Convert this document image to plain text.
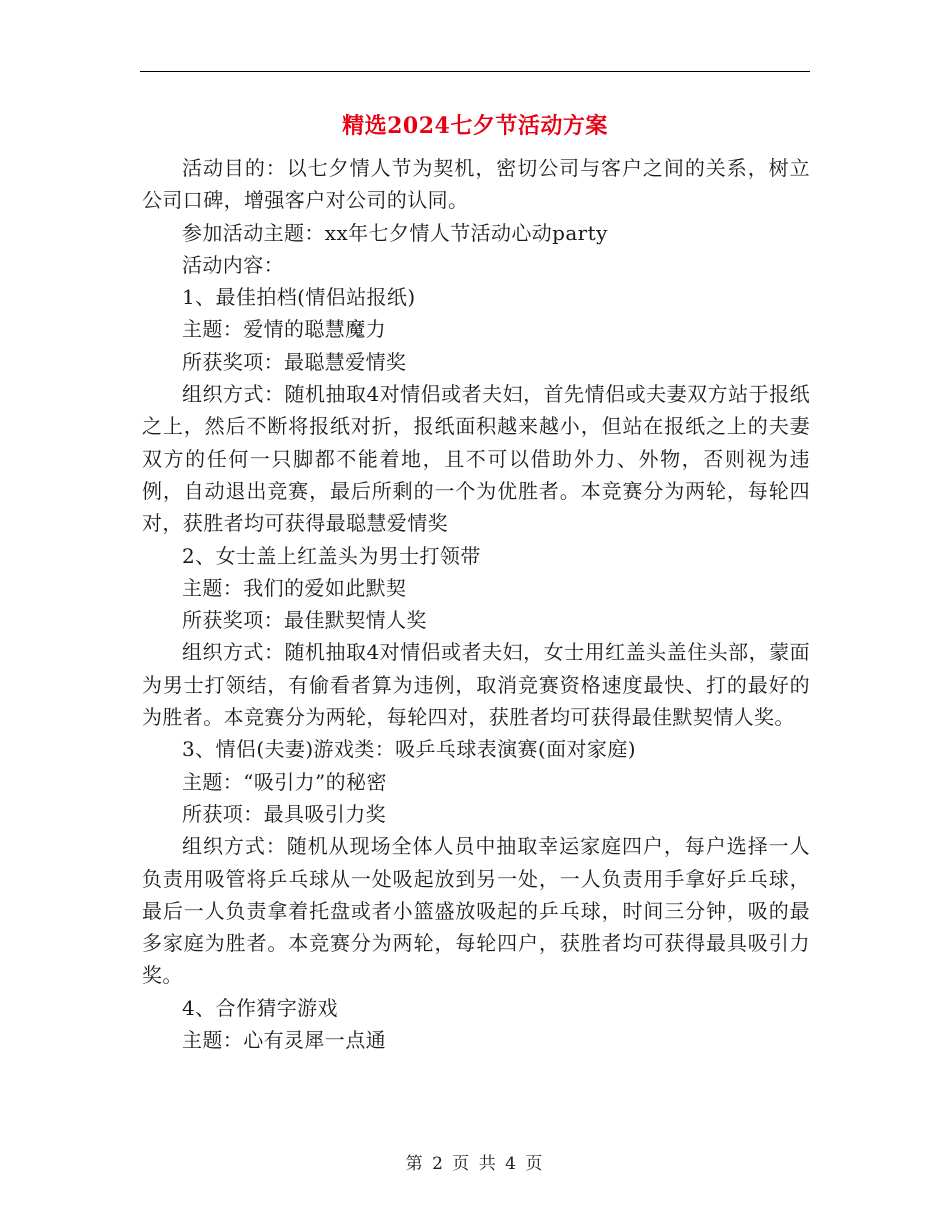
精选2024七夕节活动方案

活动目的：以七夕情人节为契机，密切公司与客户之间的关系，树立公司口碑，增强客户对公司的认同。

参加活动主题：xx年七夕情人节活动心动party

活动内容：

1、最佳拍档(情侣站报纸)

主题：爱情的聪慧魔力

所获奖项：最聪慧爱情奖

组织方式：随机抽取4对情侣或者夫妇，首先情侣或夫妻双方站于报纸之上，然后不断将报纸对折，报纸面积越来越小，但站在报纸之上的夫妻双方的任何一只脚都不能着地，且不可以借助外力、外物，否则视为违例，自动退出竞赛，最后所剩的一个为优胜者。本竞赛分为两轮，每轮四对，获胜者均可获得最聪慧爱情奖

2、女士盖上红盖头为男士打领带

主题：我们的爱如此默契

所获奖项：最佳默契情人奖

组织方式：随机抽取4对情侣或者夫妇，女士用红盖头盖住头部，蒙面为男士打领结，有偷看者算为违例，取消竞赛资格速度最快、打的最好的为胜者。本竞赛分为两轮，每轮四对，获胜者均可获得最佳默契情人奖。

3、情侣(夫妻)游戏类：吸乒乓球表演赛(面对家庭)

主题：“吸引力”的秘密

所获项：最具吸引力奖

组织方式：随机从现场全体人员中抽取幸运家庭四户，每户选择一人负责用吸管将乒乓球从一处吸起放到另一处，一人负责用手拿好乒乓球，最后一人负责拿着托盘或者小篮盛放吸起的乒乓球，时间三分钟，吸的最多家庭为胜者。本竞赛分为两轮，每轮四户，获胜者均可获得最具吸引力奖。

4、合作猜字游戏

主题：心有灵犀一点通

第 2 页 共 4 页
